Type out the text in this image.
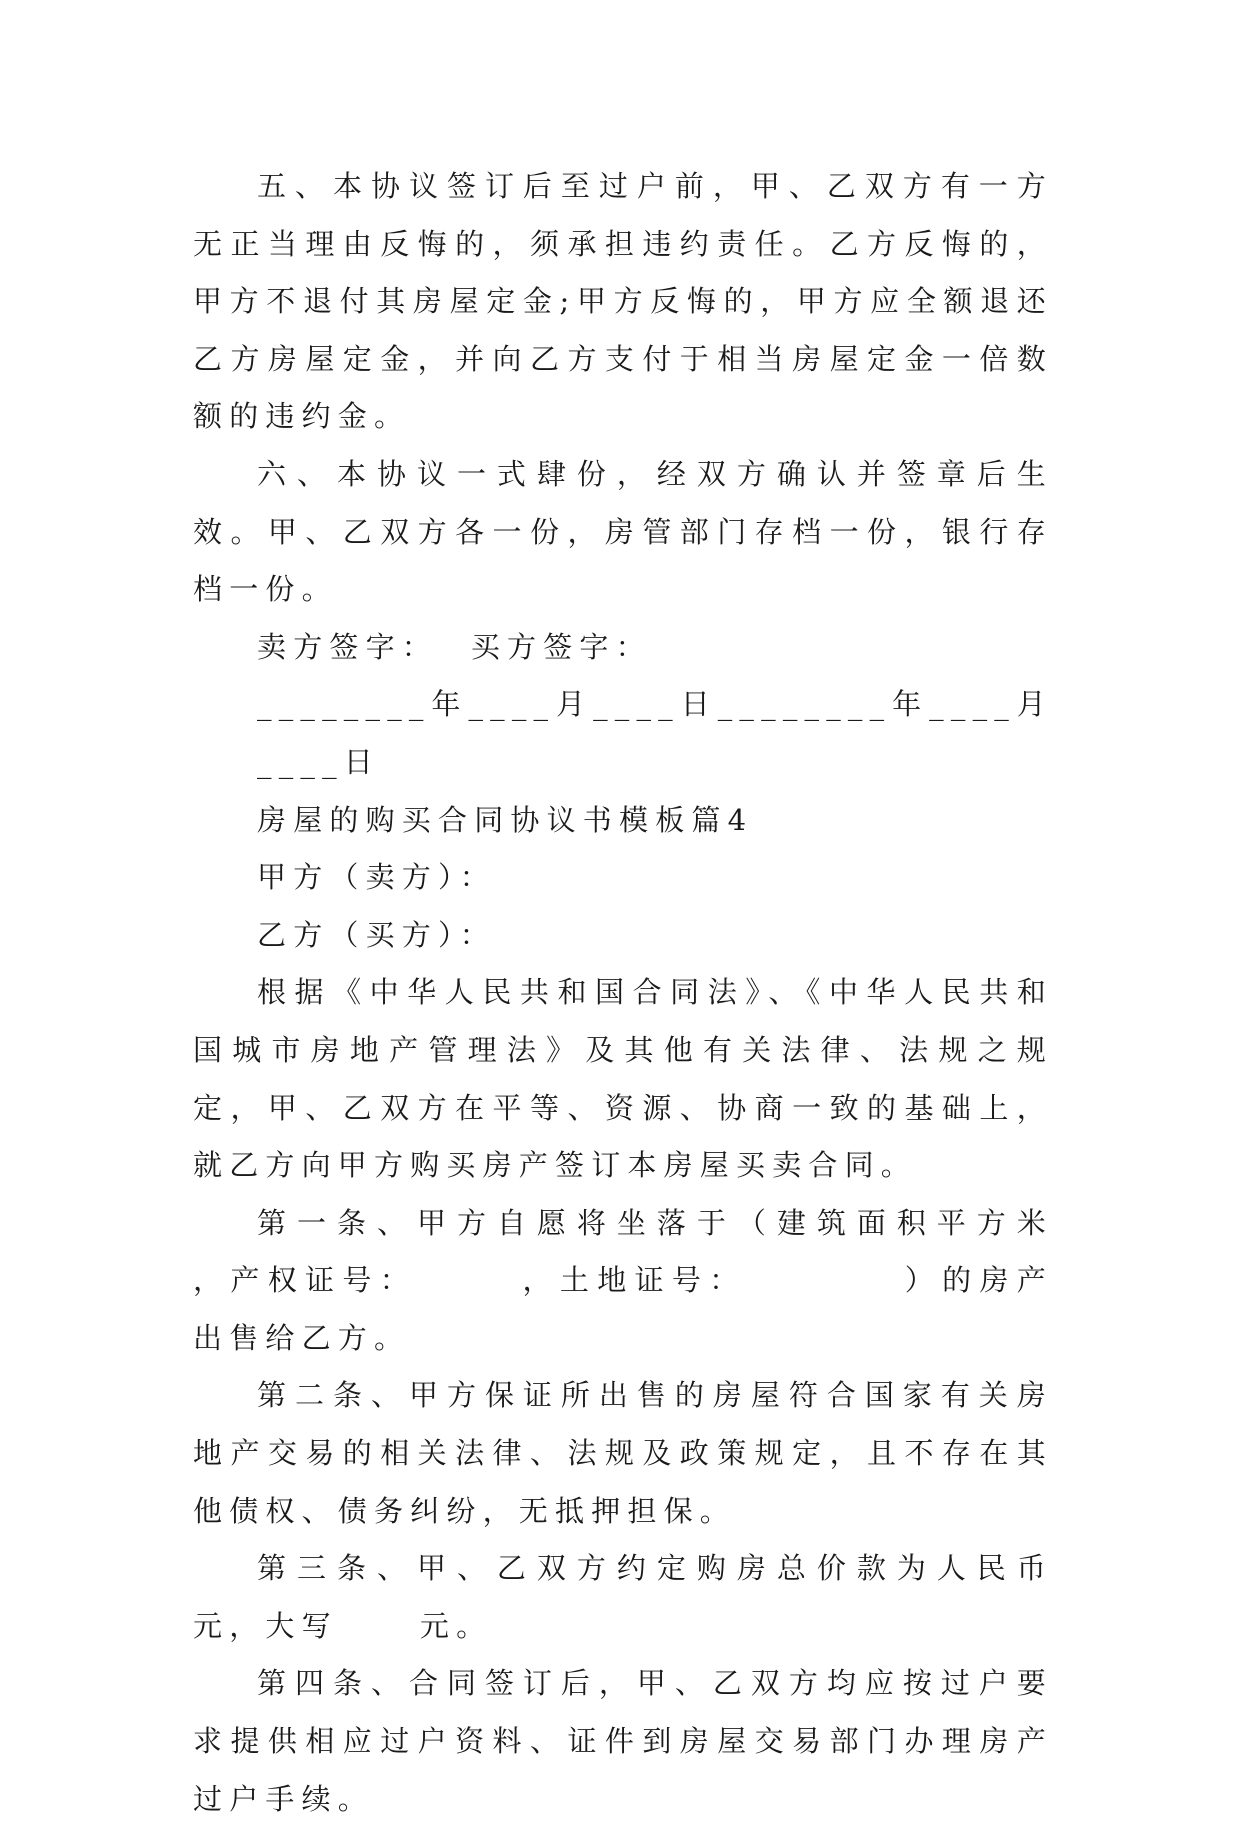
五、本协议签订后至过户前，甲、乙双方有一方无正当理由反悔的，须承担违约责任。乙方反悔的，甲方不退付其房屋定金;甲方反悔的，甲方应全额退还乙方房屋定金，并向乙方支付于相当房屋定金一倍数额的违约金。

六、本协议一式肆份，经双方确认并签章后生效。甲、乙双方各一份，房管部门存档一份，银行存档一份。

卖方签字：  买方签字：

________年____月____日________年____月____日

房屋的购买合同协议书模板篇4

甲方（卖方）：

乙方（买方）：

根据《中华人民共和国合同法》、《中华人民共和国城市房地产管理法》及其他有关法律、法规之规定，甲、乙双方在平等、资源、协商一致的基础上，就乙方向甲方购买房产签订本房屋买卖合同。

第一条、甲方自愿将坐落于（建筑面积平方米      ，产权证号：      ，土地证号：         ）的房产出售给乙方。

第二条、甲方保证所出售的房屋符合国家有关房地产交易的相关法律、法规及政策规定，且不存在其他债权、债务纠纷，无抵押担保。

第三条、甲、乙双方约定购房总价款为人民币     元，大写     元。

第四条、合同签订后，甲、乙双方均应按过户要求提供相应过户资料、证件到房屋交易部门办理房产过户手续。
